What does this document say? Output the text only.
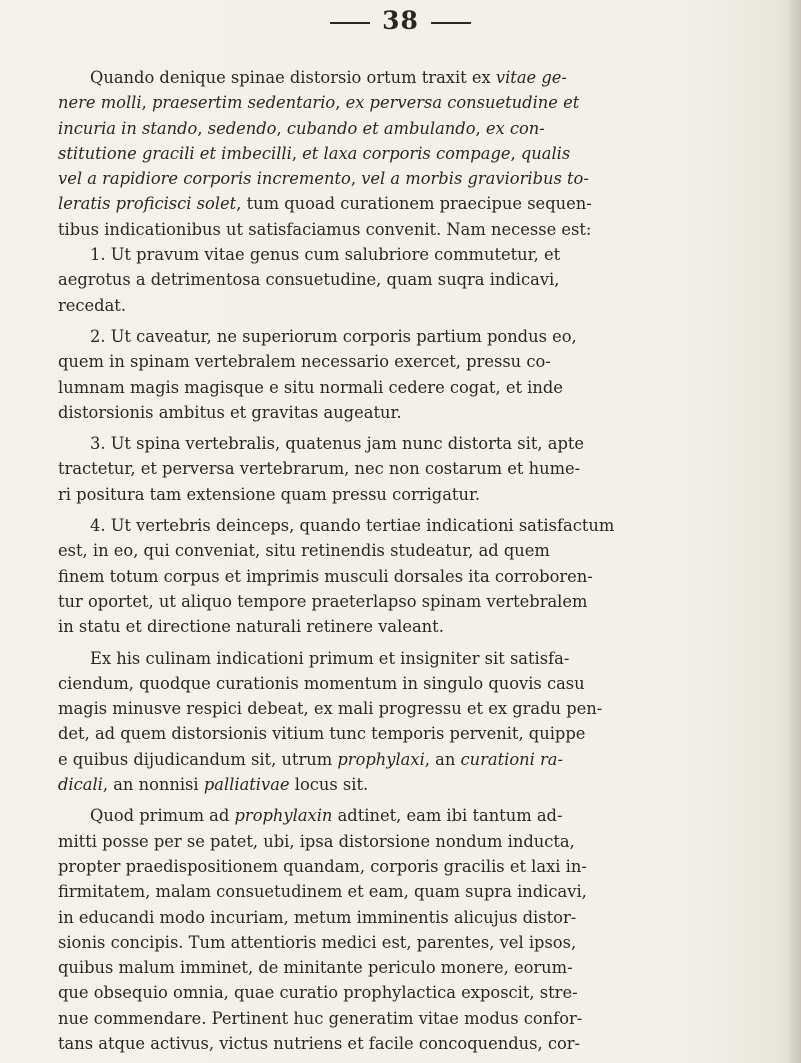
38

Quando denique spinae distorsio ortum traxit ex vitae ge-
nere molli, praesertim sedentario, ex perversa consuetudine et
incuria in stando, sedendo, cubando et ambulando, ex con-
stitutione gracili et imbecilli, et laxa corporis compage, qualis
vel a rapidiore corporis incremento, vel a morbis gravioribus to-
leratis proficisci solet, tum quoad curationem praecipue sequen-
tibus indicationibus ut satisfaciamus convenit. Nam necesse est:

1. Ut pravum vitae genus cum salubriore commutetur, et
aegrotus a detrimentosa consuetudine, quam suqra indicavi,
recedat.

2. Ut caveatur, ne superiorum corporis partium pondus eo,
quem in spinam vertebralem necessario exercet, pressu co-
lumnam magis magisque e situ normali cedere cogat, et inde
distorsionis ambitus et gravitas augeatur.

3. Ut spina vertebralis, quatenus jam nunc distorta sit, apte
tractetur, et perversa vertebrarum, nec non costarum et hume-
ri positura tam extensione quam pressu corrigatur.

4. Ut vertebris deinceps, quando tertiae indicationi satisfactum
est, in eo, qui conveniat, situ retinendis studeatur, ad quem
finem totum corpus et imprimis musculi dorsales ita corroboren-
tur oportet, ut aliquo tempore praeterlapso spinam vertebralem
in statu et directione naturali retinere valeant.

Ex his culinam indicationi primum et insigniter sit satisfa-
ciendum, quodque curationis momentum in singulo quovis casu
magis minusve respici debeat, ex mali progressu et ex gradu pen-
det, ad quem distorsionis vitium tunc temporis pervenit, quippe
e quibus dijudicandum sit, utrum prophylaxi, an curationi ra-
dicali, an nonnisi palliativae locus sit.

Quod primum ad prophylaxin adtinet, eam ibi tantum ad-
mitti posse per se patet, ubi, ipsa distorsione nondum inducta,
propter praedispositionem quandam, corporis gracilis et laxi in-
firmitatem, malam consuetudinem et eam, quam supra indicavi,
in educandi modo incuriam, metum imminentis alicujus distor-
sionis concipis. Tum attentioris medici est, parentes, vel ipsos,
quibus malum imminet, de minitante periculo monere, eorum-
que obsequio omnia, quae curatio prophylactica exposcit, stre-
nue commendare. Pertinent huc generatim vitae modus confor-
tans atque activus, victus nutriens et facile concoquendus, cor-
